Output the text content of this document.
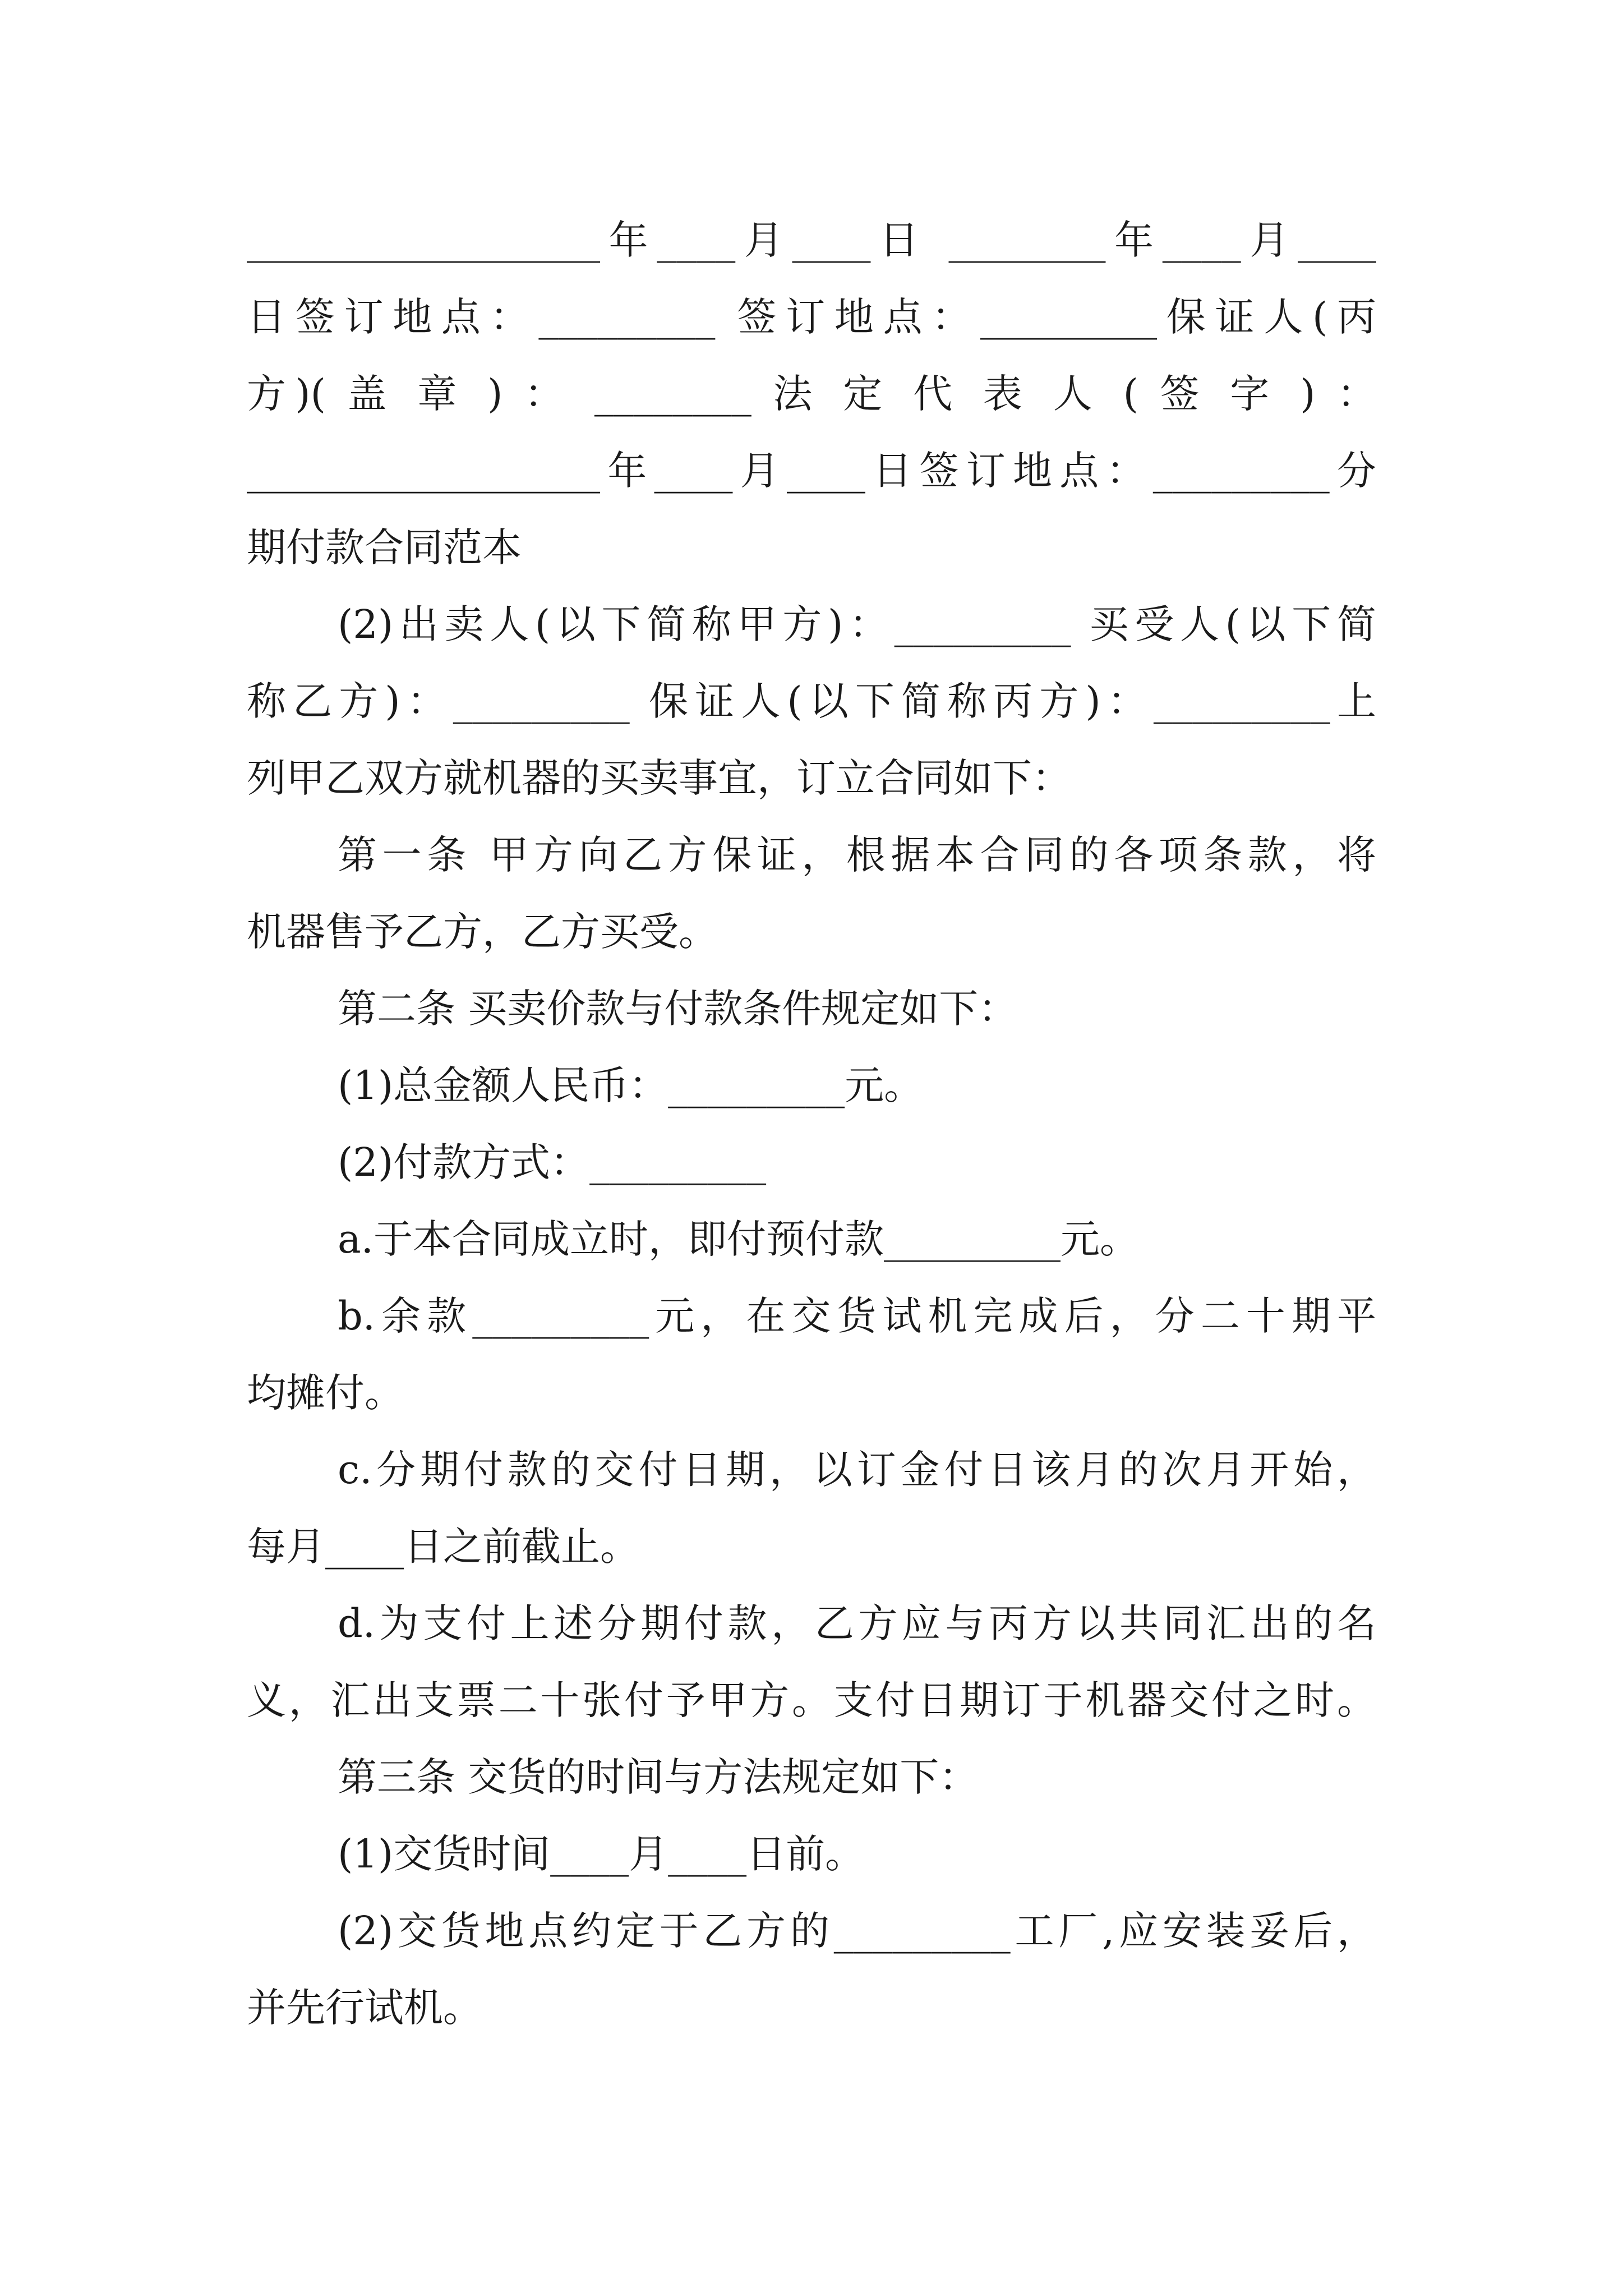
__________________年____月____日 ________年____月____
日签订地点：_________ 签订地点：_________保证人(丙
方)( 盖 章 ) ： ________ 法 定 代 表 人 ( 签 字 ) ：
__________________年____月____日签订地点：_________分
期付款合同范本
(2)出卖人(以下简称甲方)：_________ 买受人(以下简
称乙方)：_________ 保证人(以下简称丙方)：_________上
列甲乙双方就机器的买卖事宜，订立合同如下：
第一条 甲方向乙方保证，根据本合同的各项条款，将
机器售予乙方，乙方买受。
第二条 买卖价款与付款条件规定如下：
(1)总金额人民币：_________元。
(2)付款方式：_________
a.于本合同成立时，即付预付款_________元。
b.余款_________元，在交货试机完成后，分二十期平
均摊付。
c.分期付款的交付日期，以订金付日该月的次月开始，
每月____日之前截止。
d.为支付上述分期付款，乙方应与丙方以共同汇出的名
义，汇出支票二十张付予甲方。支付日期订于机器交付之时。
第三条 交货的时间与方法规定如下：
(1)交货时间____月____日前。
(2)交货地点约定于乙方的_________工厂,应安装妥后，
并先行试机。
